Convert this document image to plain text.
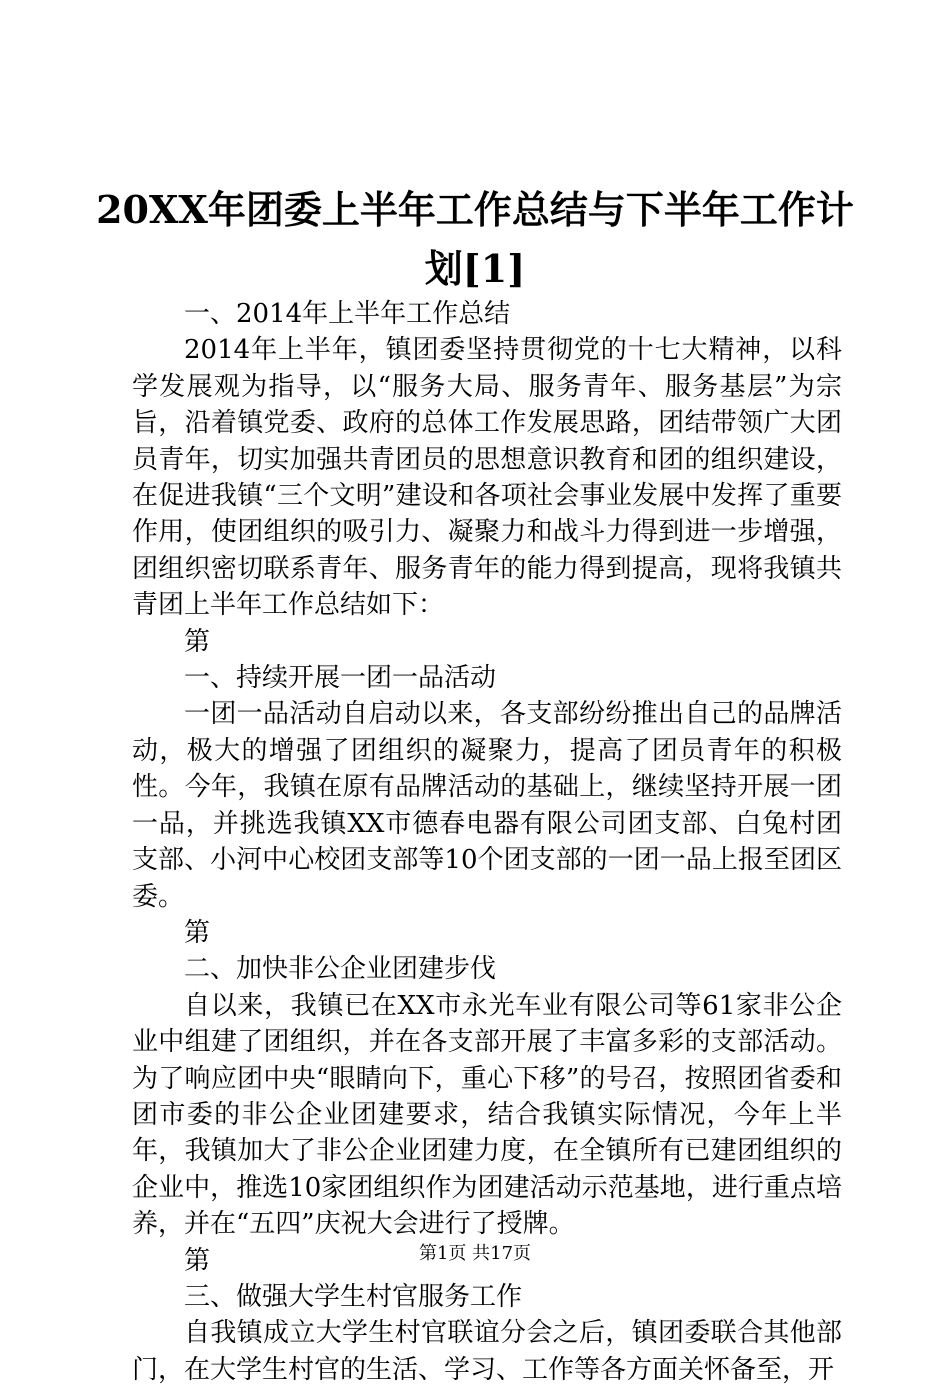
20XX年团委上半年工作总结与下半年工作计
划[1]

一、2014年上半年工作总结

2014年上半年，镇团委坚持贯彻党的十七大精神，以科学发展观为指导，以“服务大局、服务青年、服务基层”为宗旨，沿着镇党委、政府的总体工作发展思路，团结带领广大团员青年，切实加强共青团员的思想意识教育和团的组织建设，在促进我镇“三个文明”建设和各项社会事业发展中发挥了重要作用，使团组织的吸引力、凝聚力和战斗力得到进一步增强，团组织密切联系青年、服务青年的能力得到提高，现将我镇共青团上半年工作总结如下：

第

一、持续开展一团一品活动

一团一品活动自启动以来，各支部纷纷推出自己的品牌活动，极大的增强了团组织的凝聚力，提高了团员青年的积极性。今年，我镇在原有品牌活动的基础上，继续坚持开展一团一品，并挑选我镇XX市德春电器有限公司团支部、白兔村团支部、小河中心校团支部等10个团支部的一团一品上报至团区委。

第

二、加快非公企业团建步伐

自以来，我镇已在XX市永光车业有限公司等61家非公企业中组建了团组织，并在各支部开展了丰富多彩的支部活动。为了响应团中央“眼睛向下，重心下移”的号召，按照团省委和团市委的非公企业团建要求，结合我镇实际情况，今年上半年，我镇加大了非公企业团建力度，在全镇所有已建团组织的企业中，推选10家团组织作为团建活动示范基地，进行重点培养，并在“五四”庆祝大会进行了授牌。

第

三、做强大学生村官服务工作

自我镇成立大学生村官联谊分会之后，镇团委联合其他部门，在大学生村官的生活、学习、工作等各方面关怀备至，开

第1页 共17页
